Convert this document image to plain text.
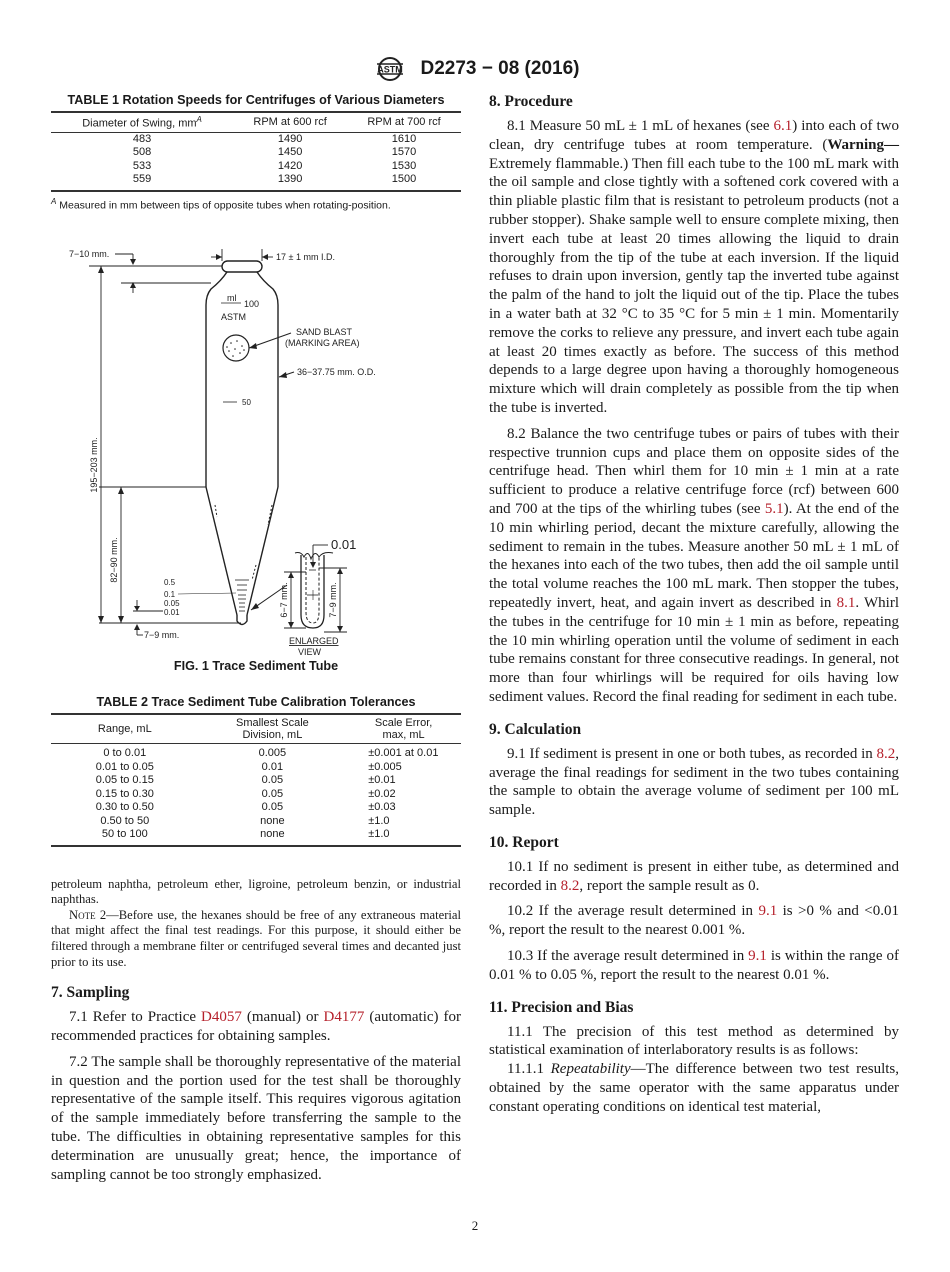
ASTM D2273 − 08 (2016)
TABLE 1 Rotation Speeds for Centrifuges of Various Diameters
Diameter of Swing, $mm^A$	RPM at 600 rcf	RPM at 700 rcf
483	1490	1610
508	1450	1570
533	1420	1530
559	1390	1500
$^A$ Measured in mm between tips of opposite tubes when rotating-position.
ml
100
ASTM
SAND BLAST
(MARKING AREA)
36−37.75 mm. O.D.
50
7−10 mm.	17 ± 1 mm I.D.
195−203 mm.
82−90 mm.	0.5
0.1
0.05
0.01
7−9 mm.
0.01
6−7 mm.	7−9 mm.
ENLARGED
VIEW
FIG. 1 Trace Sediment Tube
TABLE 2 Trace Sediment Tube Calibration Tolerances
Range, mL	Smallest Scale
Division, mL	Scale Error,
max, mL
0 to 0.01	0.005	±0.001 at 0.01
0.01 to 0.05	0.01	±0.005
0.05 to 0.15	0.05	±0.01
0.15 to 0.30	0.05	±0.02
0.30 to 0.50	0.05	±0.03
0.50 to 50	none	±1.0
50 to 100	none	±1.0

petroleum naphtha, petroleum ether, ligroine, petroleum benzin, or industrial naphthas.

Note 2—Before use, the hexanes should be free of any extraneous material that might affect the final test readings. For this purpose, it should either be filtered through a membrane filter or centrifuged several times and decanted just prior to its use.

7. Sampling

7.1 Refer to Practice D4057 (manual) or D4177 (automatic) for recommended practices for obtaining samples.

7.2 The sample shall be thoroughly representative of the material in question and the portion used for the test shall be thoroughly representative of the sample itself. This requires vigorous agitation of the sample immediately before transferring the sample to the tube. The difficulties in obtaining representative samples for this determination are unusually great; hence, the importance of sampling cannot be too strongly emphasized.

8. Procedure

8.1 Measure 50 mL ± 1 mL of hexanes (see 6.1) into each of two clean, dry centrifuge tubes at room temperature. (Warning—Extremely flammable.) Then fill each tube to the 100 mL mark with the oil sample and close tightly with a softened cork covered with a thin pliable plastic film that is resistant to petroleum products (not a rubber stopper). Shake sample well to ensure complete mixing, then invert each tube at least 20 times allowing the liquid to drain thoroughly from the tip of the tube at each inversion. If the liquid refuses to drain upon inversion, gently tap the inverted tube against the palm of the hand to jolt the liquid out of the tip. Place the tubes in a water bath at 32 °C to 35 °C for 5 min ± 1 min. Momentarily remove the corks to relieve any pressure, and invert each tube again at least 20 times exactly as before. The success of this method depends to a large degree upon having a thoroughly homogeneous mixture which will drain completely as possible from the tip when the tube is inverted.

8.2 Balance the two centrifuge tubes or pairs of tubes with their respective trunnion cups and place them on opposite sides of the centrifuge head. Then whirl them for 10 min ± 1 min at a rate sufficient to produce a relative centrifuge force (rcf) between 600 and 700 at the tips of the whirling tubes (see 5.1). At the end of the 10 min whirling period, decant the mixture carefully, allowing the sediment to remain in the tubes. Measure another 50 mL ± 1 mL of the hexanes into each of the two tubes, then add the oil sample until the total volume reaches the 100 mL mark. Then stopper the tubes, repeatedly invert, heat, and again invert as described in 8.1. Whirl the tubes in the centrifuge for 10 min ± 1 min as before, repeating the 10 min whirling operation until the volume of sediment in each tube remains constant for three consecutive readings. In general, not more than four whirlings will be required for oils having low sediment values. Record the final reading for sediment in each tube.

9. Calculation

9.1 If sediment is present in one or both tubes, as recorded in 8.2, average the final readings for sediment in the two tubes containing the sample to obtain the average volume of sediment per 100 mL sample.

10. Report

10.1 If no sediment is present in either tube, as determined and recorded in 8.2, report the sample result as 0.

10.2 If the average result determined in 9.1 is >0 % and <0.01 %, report the result to the nearest 0.001 %.

10.3 If the average result determined in 9.1 is within the range of 0.01 % to 0.05 %, report the result to the nearest 0.01 %.

11. Precision and Bias

11.1 The precision of this test method as determined by statistical examination of interlaboratory results is as follows:

11.1.1 Repeatability—The difference between two test results, obtained by the same operator with the same apparatus under constant operating conditions on identical test material,

2
